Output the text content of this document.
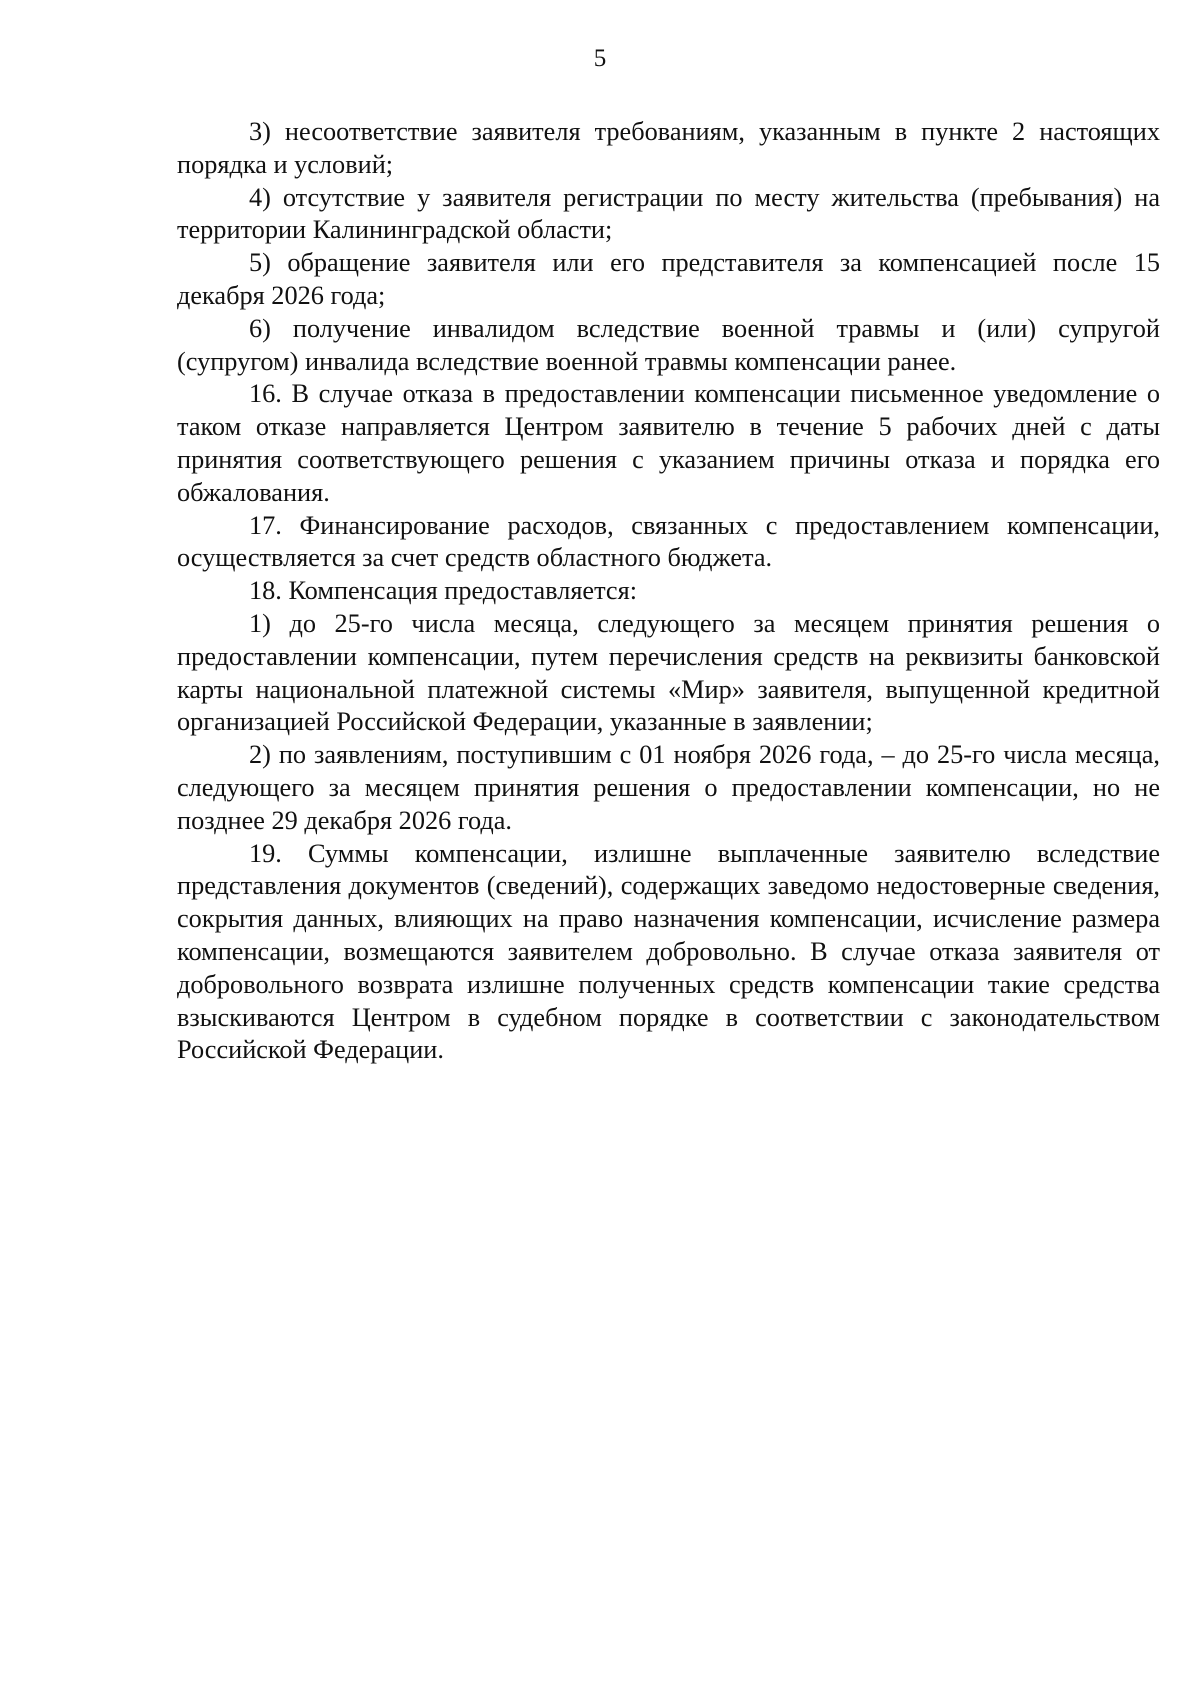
5

3) несоответствие заявителя требованиям, указанным в пункте 2 настоящих порядка и условий;

4) отсутствие у заявителя регистрации по месту жительства (пребывания) на территории Калининградской области;

5) обращение заявителя или его представителя за компенсацией после 15 декабря 2026 года;

6) получение инвалидом вследствие военной травмы и (или) супругой (супругом) инвалида вследствие военной травмы компенсации ранее.

16. В случае отказа в предоставлении компенсации письменное уведомление о таком отказе направляется Центром заявителю в течение 5 рабочих дней с даты принятия соответствующего решения с указанием причины отказа и порядка его обжалования.

17. Финансирование расходов, связанных с предоставлением компенсации, осуществляется за счет средств областного бюджета.

18. Компенсация предоставляется:

1) до 25-го числа месяца, следующего за месяцем принятия решения о предоставлении компенсации, путем перечисления средств на реквизиты банковской карты национальной платежной системы «Мир» заявителя, выпущенной кредитной организацией Российской Федерации, указанные в заявлении;

2) по заявлениям, поступившим с 01 ноября 2026 года, – до 25-го числа месяца, следующего за месяцем принятия решения о предоставлении компенсации, но не позднее 29 декабря 2026 года.

19. Суммы компенсации, излишне выплаченные заявителю вследствие представления документов (сведений), содержащих заведомо недостоверные сведения, сокрытия данных, влияющих на право назначения компенсации, исчисление размера компенсации, возмещаются заявителем добровольно. В случае отказа заявителя от добровольного возврата излишне полученных средств компенсации такие средства взыскиваются Центром в судебном порядке в соответствии с законодательством Российской Федерации.
